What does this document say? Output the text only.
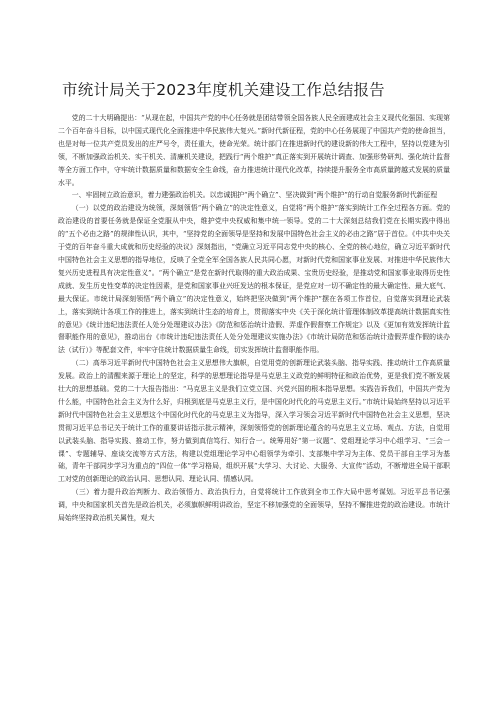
市统计局关于2023年度机关建设工作总结报告

党的二十大明确提出：“从现在起，中国共产党的中心任务就是团结带领全国各族人民全面建成社会主义现代化强国、实现第二个百年奋斗目标，以中国式现代化全面推进中华民族伟大复兴。”新时代新征程，党的中心任务展现了中国共产党的使命担当，也是对每一位共产党员发出的庄严号令，责任重大，使命光荣。统计部门在推进新时代的建设新的伟大工程中，坚持以党建为引领，不断加强政治机关、实干机关、清廉机关建设，把践行“两个维护”真正落实到开展统计调查、加强形势研判、强化统计监督等全方面工作中，守牢统计数据质量和数据安全生命线，奋力推进统计现代化改革，持续提升服务全市高质量跨越式发展的质量水平。

一、牢固树立政治意识，着力建强政治机关。以忠诚拥护“两个确立”、坚决做到“两个维护”的行动自觉服务新时代新征程

（一）以党的政治建设为统领，深刻领悟“两个确立”的决定性意义，自觉将“两个维护”落实到统计工作全过程各方面。党的政治建设的首要任务就是保证全党服从中央，维护党中央权威和集中统一领导。党的二十大深刻总结我们党在长期实践中得出的“五个必由之路”的规律性认识，其中，“坚持党的全面领导是坚持和发展中国特色社会主义的必由之路”居于首位。《中共中央关于党的百年奋斗重大成就和历史经验的决议》深刻指出，“党确立习近平同志党中央的核心、全党的核心地位，确立习近平新时代中国特色社会主义思想的指导地位，反映了全党全军全国各族人民共同心愿，对新时代党和国家事业发展、对推进中华民族伟大复兴历史进程具有决定性意义”。“两个确立”是党在新时代取得的重大政治成果、宝贵历史经验，是推动党和国家事业取得历史性成就、发生历史性变革的决定性因素，是党和国家事业兴旺发达的根本保证，是党应对一切不确定性的最大确定性、最大底气、最大保证。市统计局深刻领悟“两个确立”的决定性意义，始终把坚决做到“两个维护”摆在各项工作首位，自觉落实到理论武装上，落实到统计各项工作的推进上，落实到统计生态的培育上，贯彻落实中央《关于深化统计管理体制改革提高统计数据真实性的意见》《统计违纪违法责任人处分处理建议办法》《防范和惩治统计造假、弄虚作假督察工作规定》以及《更加有效发挥统计监督职能作用的意见》，推动出台《市统计违纪违法责任人处分处理建议实施办法》《市统计局防范和惩治统计造假弄虚作假的谈办法（试行）》等配套文件，牢牢守住统计数据质量生命线，切实发挥统计监督职能作用。

（二）高举习近平新时代中国特色社会主义思想伟大旗帜，自觉用党的创新理论武装头脑、指导实践、推动统计工作高质量发展。政治上的清醒来源于理论上的坚定，科学的思想理论指导是马克思主义政党的鲜明特征和政治优势，更是我们党不断发展壮大的思想基础。党的二十大报告指出：“马克思主义是我们立党立国、兴党兴国的根本指导思想。实践告诉我们，中国共产党为什么能，中国特色社会主义为什么好，归根到底是马克思主义行，是中国化时代化的马克思主义行。”市统计局始终坚持以习近平新时代中国特色社会主义思想这个中国化时代化的马克思主义为指导，深入学习领会习近平新时代中国特色社会主义思想，坚决贯彻习近平总书记关于统计工作的重要讲话指示批示精神，深刻领悟党的创新理论蕴含的马克思主义立场、观点、方法，自觉用以武装头脑、指导实践、推动工作，努力做到真信笃行、知行合一。统筹用好“第一议题”、党组理论学习中心组学习、“三会一课”、专题辅导、座谈交流等方式方法，构建以党组理论学习中心组领学为牵引、支部集中学习为主体、党员干部自主学习为基础，青年干部同步学习为重点的“四位一体”学习格局，组织开展“大学习、大讨论、大服务、大宣传”活动，不断增进全局干部职工对党的创新理论的政治认同、思想认同、理论认同、情感认同。

（三）着力提升政治判断力、政治领悟力、政治执行力，自觉将统计工作放到全市工作大局中思考谋划。习近平总书记强调，中央和国家机关首先是政治机关，必须旗帜鲜明讲政治，坚定不移加强党的全面领导，坚持不懈推进党的政治建设。市统计局始终坚持政治机关属性，观大
